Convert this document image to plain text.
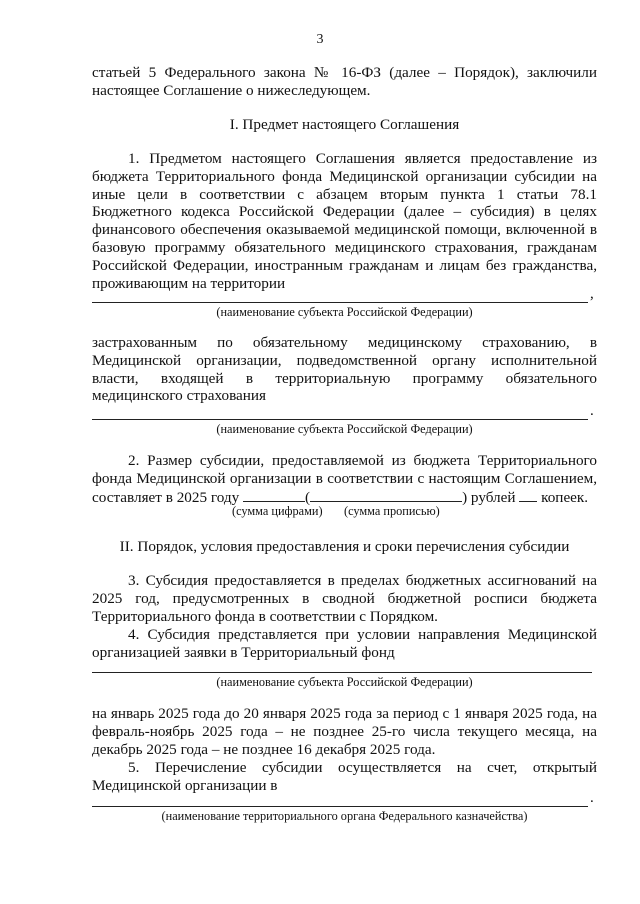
3

статьей 5 Федерального закона № 16-ФЗ (далее – Порядок), заключили настоящее Соглашение о нижеследующем.

I. Предмет настоящего Соглашения

1. Предметом настоящего Соглашения является предоставление из бюджета Территориального фонда Медицинской организации субсидии на иные цели в соответствии с абзацем вторым пункта 1 статьи 78.1 Бюджетного кодекса Российской Федерации (далее – субсидия) в целях финансового обеспечения оказываемой медицинской помощи, включенной в базовую программу обязательного медицинского страхования, гражданам Российской Федерации, иностранным гражданам и лицам без гражданства, проживающим на территории

,

(наименование субъекта Российской Федерации)

застрахованным по обязательному медицинскому страхованию, в Медицинской организации, подведомственной органу исполнительной власти, входящей в территориальную программу обязательного медицинского страхования

.

(наименование субъекта Российской Федерации)

2. Размер субсидии, предоставляемой из бюджета Территориального фонда Медицинской организации в соответствии с настоящим Соглашением, составляет в 2025 году	(	) рублей копеек.

(сумма цифрами) (сумма прописью)

II. Порядок, условия предоставления и сроки перечисления субсидии

3. Субсидия предоставляется в пределах бюджетных ассигнований на 2025 год, предусмотренных в сводной бюджетной росписи бюджета Территориального фонда в соответствии с Порядком.

4. Субсидия представляется при условии направления Медицинской организацией заявки в Территориальный фонд

(наименование субъекта Российской Федерации)

на январь 2025 года до 20 января 2025 года за период с 1 января 2025 года, на февраль-ноябрь 2025 года – не позднее 25-го числа текущего месяца, на декабрь 2025 года – не позднее 16 декабря 2025 года.

5. Перечисление субсидии осуществляется на счет, открытый Медицинской организации в

.

(наименование территориального органа Федерального казначейства)
